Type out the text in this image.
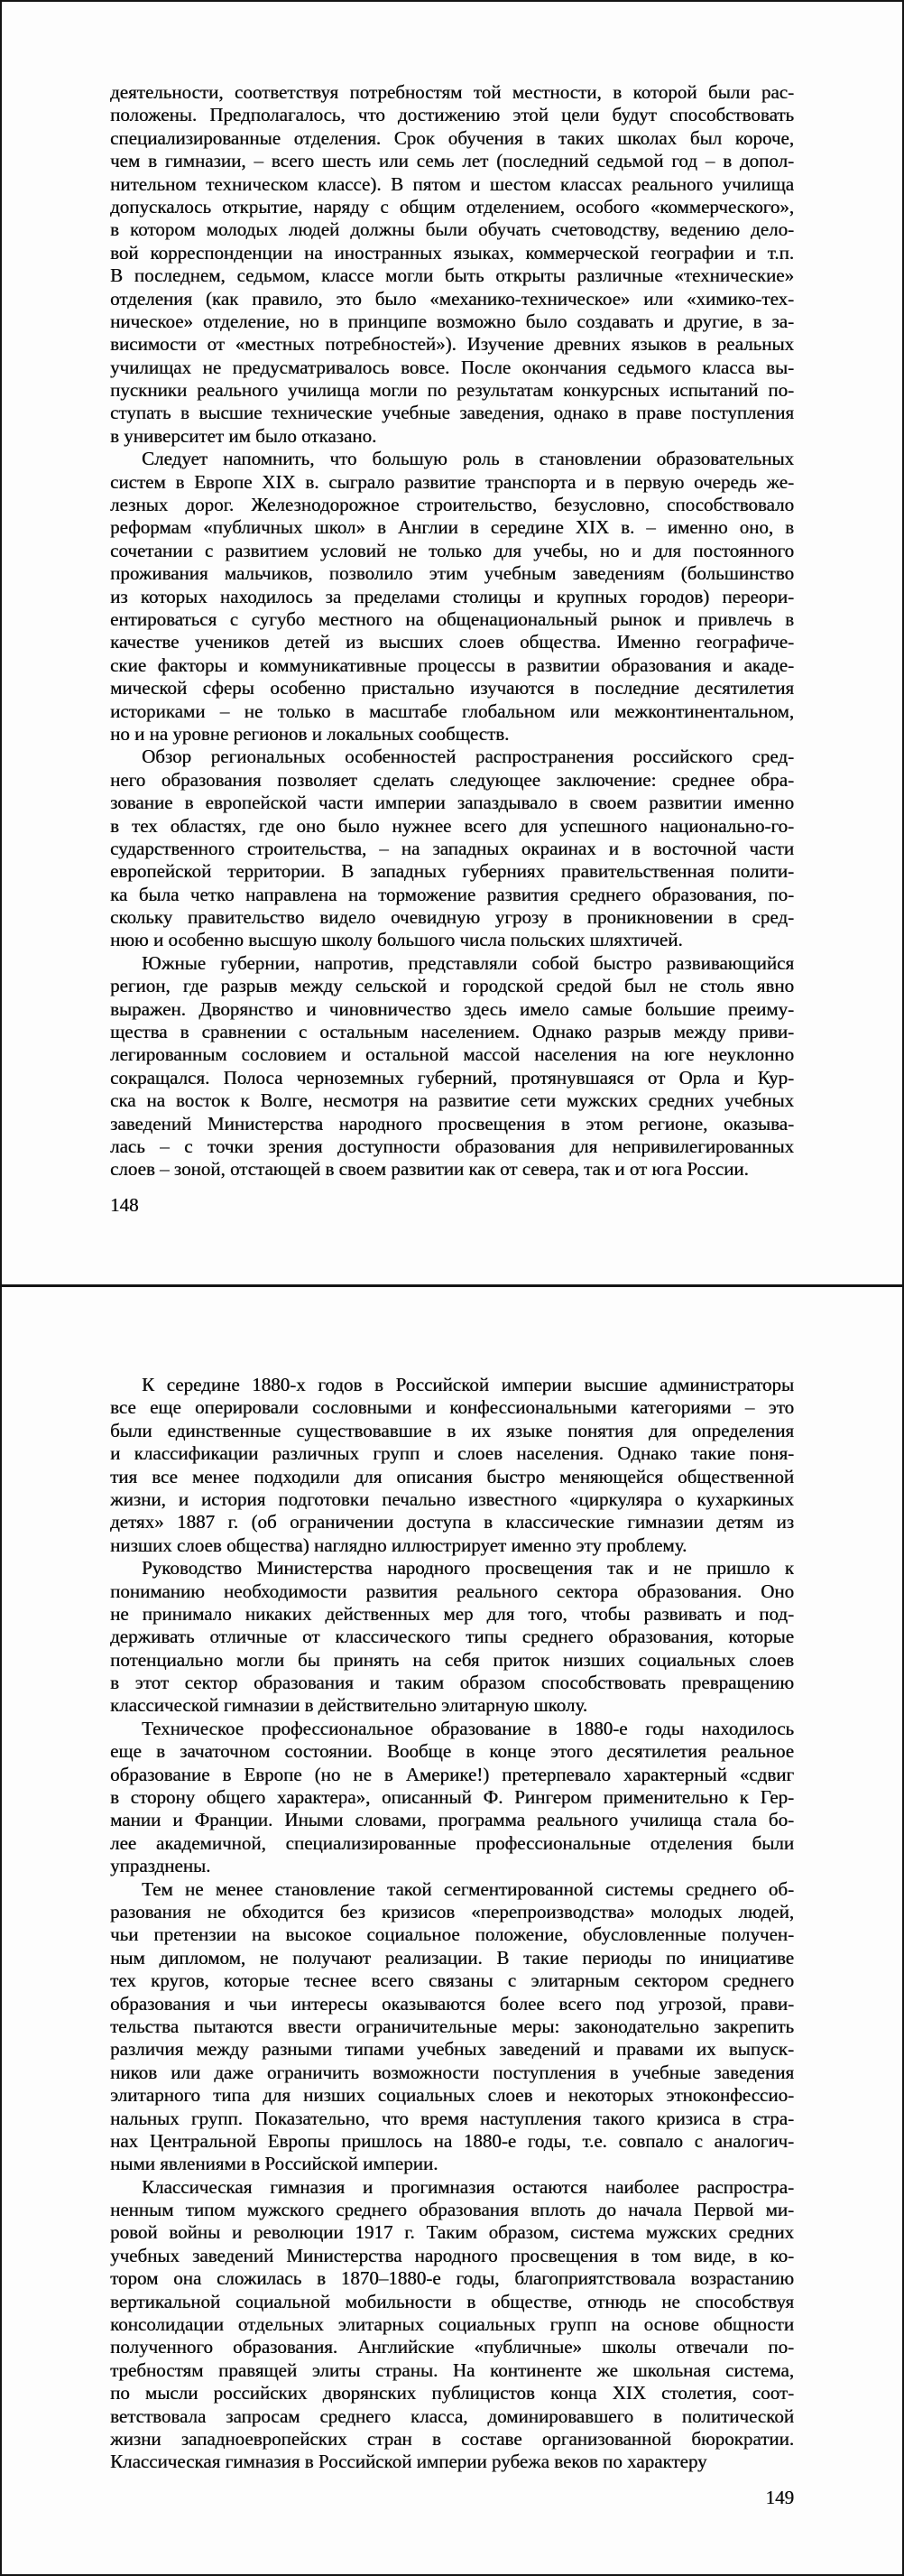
деятельности, соответствуя потребностям той местности, в которой были рас-
положены. Предполагалось, что достижению этой цели будут способствовать
специализированные отделения. Срок обучения в таких школах был короче,
чем в гимназии, – всего шесть или семь лет (последний седьмой год – в допол-
нительном техническом классе). В пятом и шестом классах реального училища
допускалось открытие, наряду с общим отделением, особого «коммерческого»,
в котором молодых людей должны были обучать счетоводству, ведению дело-
вой корреспонденции на иностранных языках, коммерческой географии и т.п.
В последнем, седьмом, классе могли быть открыты различные «технические»
отделения (как правило, это было «механико-техническое» или «химико-тех-
ническое» отделение, но в принципе возможно было создавать и другие, в за-
висимости от «местных потребностей»). Изучение древних языков в реальных
училищах не предусматривалось вовсе. После окончания седьмого класса вы-
пускники реального училища могли по результатам конкурсных испытаний по-
ступать в высшие технические учебные заведения, однако в праве поступления
в университет им было отказано.
Следует напомнить, что большую роль в становлении образовательных
систем в Европе XIX в. сыграло развитие транспорта и в первую очередь же-
лезных дорог. Железнодорожное строительство, безусловно, способствовало
реформам «публичных школ» в Англии в середине XIX в. – именно оно, в
сочетании с развитием условий не только для учебы, но и для постоянного
проживания мальчиков, позволило этим учебным заведениям (большинство
из которых находилось за пределами столицы и крупных городов) переори-
ентироваться с сугубо местного на общенациональный рынок и привлечь в
качестве учеников детей из высших слоев общества. Именно географиче-
ские факторы и коммуникативные процессы в развитии образования и акаде-
мической сферы особенно пристально изучаются в последние десятилетия
историками – не только в масштабе глобальном или межконтинентальном,
но и на уровне регионов и локальных сообществ.
Обзор региональных особенностей распространения российского сред-
него образования позволяет сделать следующее заключение: среднее обра-
зование в европейской части империи запаздывало в своем развитии именно
в тех областях, где оно было нужнее всего для успешного национально-го-
сударственного строительства, – на западных окраинах и в восточной части
европейской территории. В западных губерниях правительственная полити-
ка была четко направлена на торможение развития среднего образования, по-
скольку правительство видело очевидную угрозу в проникновении в сред-
нюю и особенно высшую школу большого числа польских шляхтичей.
Южные губернии, напротив, представляли собой быстро развивающийся
регион, где разрыв между сельской и городской средой был не столь явно
выражен. Дворянство и чиновничество здесь имело самые большие преиму-
щества в сравнении с остальным населением. Однако разрыв между приви-
легированным сословием и остальной массой населения на юге неуклонно
сокращался. Полоса черноземных губерний, протянувшаяся от Орла и Кур-
ска на восток к Волге, несмотря на развитие сети мужских средних учебных
заведений Министерства народного просвещения в этом регионе, оказыва-
лась – с точки зрения доступности образования для непривилегированных
слоев – зоной, отстающей в своем развитии как от севера, так и от юга России.
148
К середине 1880-х годов в Российской империи высшие администраторы
все еще оперировали сословными и конфессиональными категориями – это
были единственные существовавшие в их языке понятия для определения
и классификации различных групп и слоев населения. Однако такие поня-
тия все менее подходили для описания быстро меняющейся общественной
жизни, и история подготовки печально известного «циркуляра о кухаркиных
детях» 1887 г. (об ограничении доступа в классические гимназии детям из
низших слоев общества) наглядно иллюстрирует именно эту проблему.
Руководство Министерства народного просвещения так и не пришло к
пониманию необходимости развития реального сектора образования. Оно
не принимало никаких действенных мер для того, чтобы развивать и под-
держивать отличные от классического типы среднего образования, которые
потенциально могли бы принять на себя приток низших социальных слоев
в этот сектор образования и таким образом способствовать превращению
классической гимназии в действительно элитарную школу.
Техническое профессиональное образование в 1880-е годы находилось
еще в зачаточном состоянии. Вообще в конце этого десятилетия реальное
образование в Европе (но не в Америке!) претерпевало характерный «сдвиг
в сторону общего характера», описанный Ф. Рингером применительно к Гер-
мании и Франции. Иными словами, программа реального училища стала бо-
лее академичной, специализированные профессиональные отделения были
упразднены.
Тем не менее становление такой сегментированной системы среднего об-
разования не обходится без кризисов «перепроизводства» молодых людей,
чьи претензии на высокое социальное положение, обусловленные получен-
ным дипломом, не получают реализации. В такие периоды по инициативе
тех кругов, которые теснее всего связаны с элитарным сектором среднего
образования и чьи интересы оказываются более всего под угрозой, прави-
тельства пытаются ввести ограничительные меры: законодательно закрепить
различия между разными типами учебных заведений и правами их выпуск-
ников или даже ограничить возможности поступления в учебные заведения
элитарного типа для низших социальных слоев и некоторых этноконфессио-
нальных групп. Показательно, что время наступления такого кризиса в стра-
нах Центральной Европы пришлось на 1880-е годы, т.е. совпало с аналогич-
ными явлениями в Российской империи.
Классическая гимназия и прогимназия остаются наиболее распростра-
ненным типом мужского среднего образования вплоть до начала Первой ми-
ровой войны и революции 1917 г. Таким образом, система мужских средних
учебных заведений Министерства народного просвещения в том виде, в ко-
тором она сложилась в 1870–1880-е годы, благоприятствовала возрастанию
вертикальной социальной мобильности в обществе, отнюдь не способствуя
консолидации отдельных элитарных социальных групп на основе общности
полученного образования. Английские «публичные» школы отвечали по-
требностям правящей элиты страны. На континенте же школьная система,
по мысли российских дворянских публицистов конца XIX столетия, соот-
ветствовала запросам среднего класса, доминировавшего в политической
жизни западноевропейских стран в составе организованной бюрократии.
Классическая гимназия в Российской империи рубежа веков по характеру
149
